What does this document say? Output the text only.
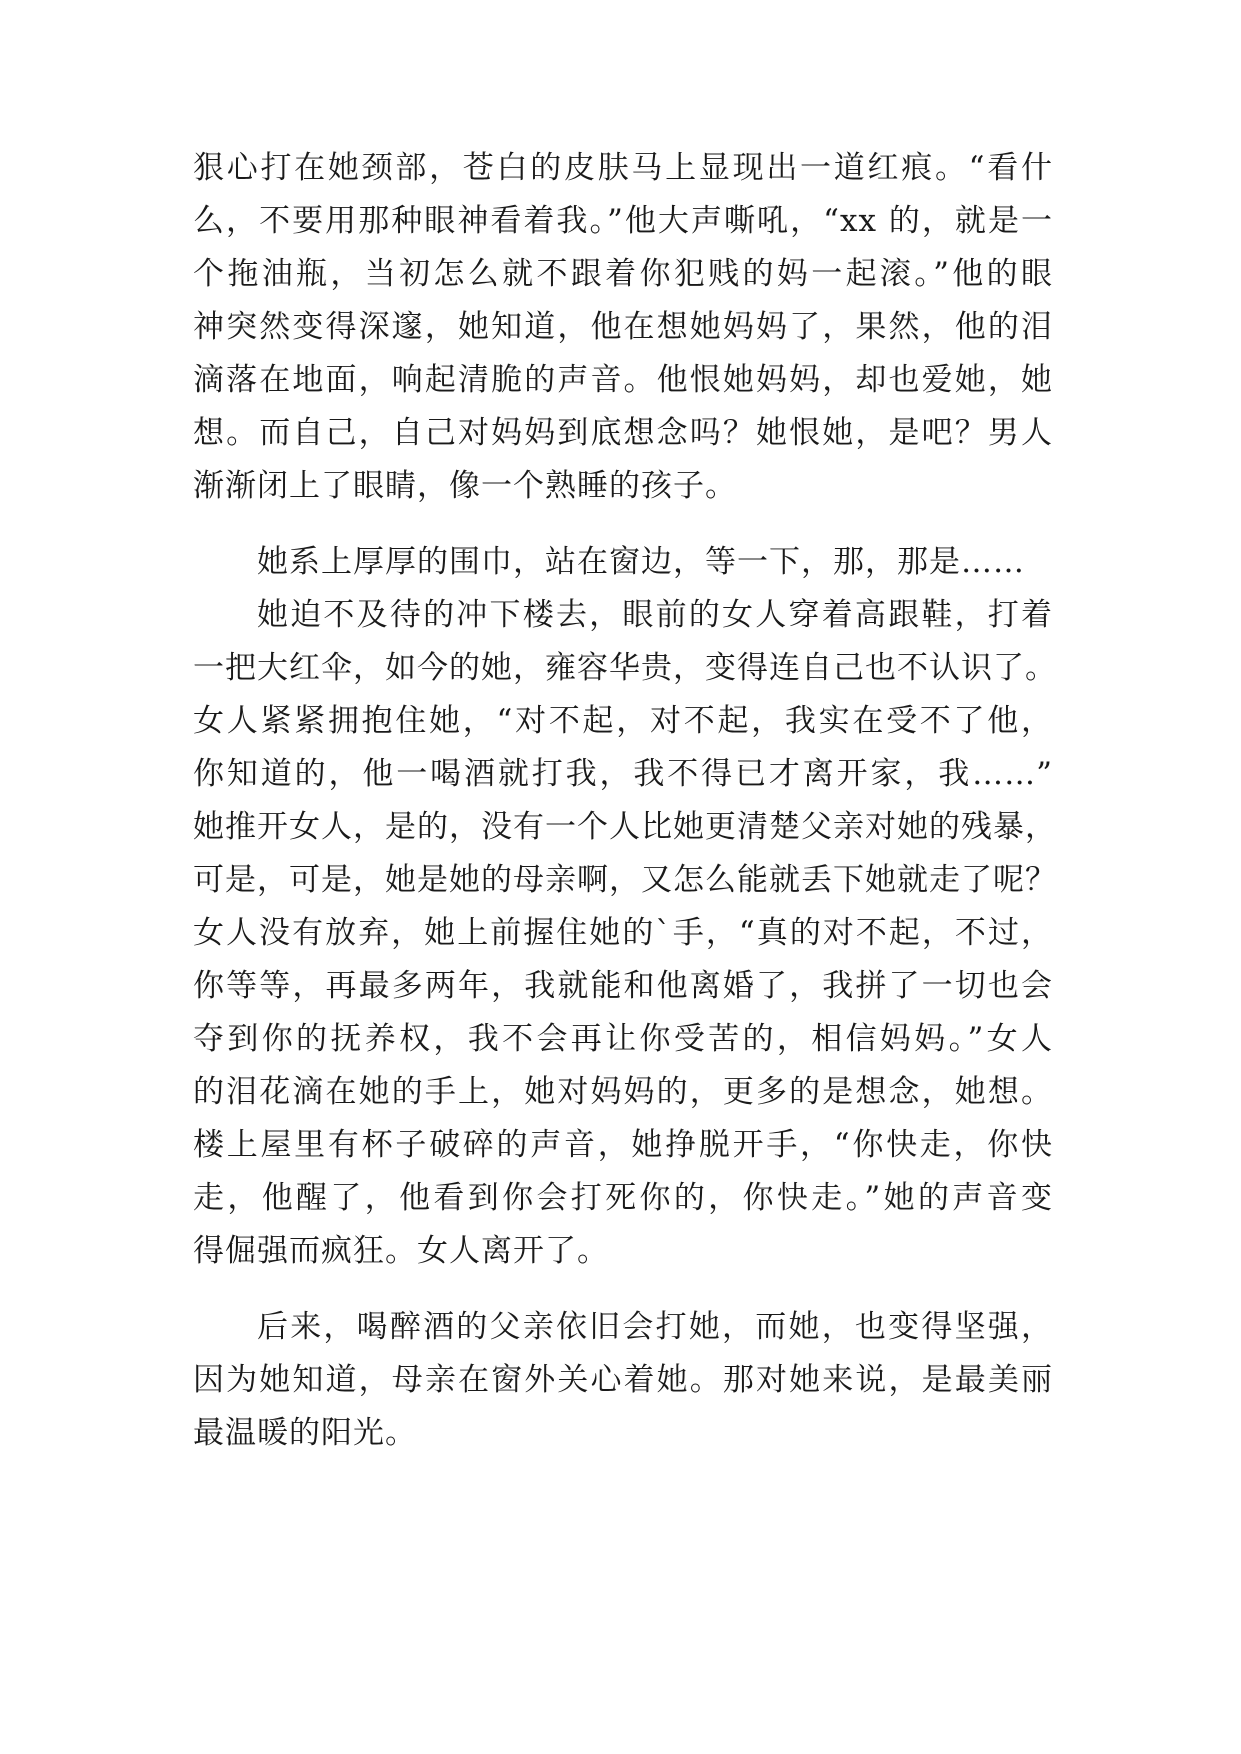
狠心打在她颈部，苍白的皮肤马上显现出一道红痕。“看什
么，不要用那种眼神看着我。”他大声嘶吼，“xx 的，就是一
个拖油瓶，当初怎么就不跟着你犯贱的妈一起滚。”他的眼
神突然变得深邃，她知道，他在想她妈妈了，果然，他的泪
滴落在地面，响起清脆的声音。他恨她妈妈，却也爱她，她
想。而自己，自己对妈妈到底想念吗？她恨她，是吧？男人
渐渐闭上了眼睛，像一个熟睡的孩子。
她系上厚厚的围巾，站在窗边，等一下，那，那是……
她迫不及待的冲下楼去，眼前的女人穿着高跟鞋，打着
一把大红伞，如今的她，雍容华贵，变得连自己也不认识了。
女人紧紧拥抱住她，“对不起，对不起，我实在受不了他，
你知道的，他一喝酒就打我，我不得已才离开家，我……”
她推开女人，是的，没有一个人比她更清楚父亲对她的残暴，
可是，可是，她是她的母亲啊，又怎么能就丢下她就走了呢？
女人没有放弃，她上前握住她的`手，“真的对不起，不过，
你等等，再最多两年，我就能和他离婚了，我拼了一切也会
夺到你的抚养权，我不会再让你受苦的，相信妈妈。”女人
的泪花滴在她的手上，她对妈妈的，更多的是想念，她想。
楼上屋里有杯子破碎的声音，她挣脱开手，“你快走，你快
走，他醒了，他看到你会打死你的，你快走。”她的声音变
得倔强而疯狂。女人离开了。
后来，喝醉酒的父亲依旧会打她，而她，也变得坚强，
因为她知道，母亲在窗外关心着她。那对她来说，是最美丽
最温暖的阳光。
